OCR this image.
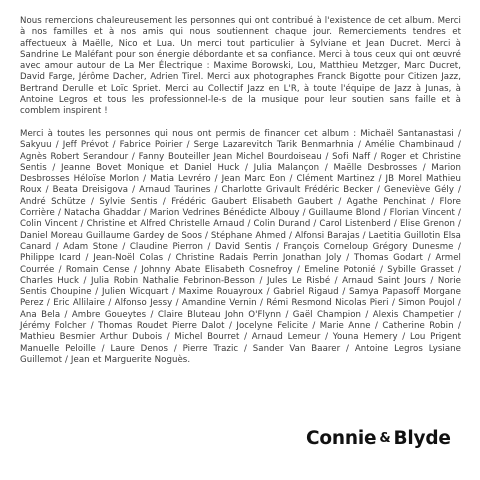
Nous remercions chaleureusement les personnes qui ont contribué à l'existence de cet album. Merci à nos familles et à nos amis qui nous soutiennent chaque jour. Remerciements tendres et affectueux à Maëlle, Nico et Lua. Un merci tout particulier à Sylviane et Jean Ducret. Merci à Sandrine Le Maléfant pour son énergie débordante et sa confiance. Merci à tous ceux qui ont œuvré avec amour autour de La Mer Électrique : Maxime Borowski, Lou, Matthieu Metzger, Marc Ducret, David Farge, Jérôme Dacher, Adrien Tirel. Merci aux photographes Franck Bigotte pour Citizen Jazz, Bertrand Derulle et Loïc Spriet. Merci au Collectif Jazz en L'R, à toute l'équipe de Jazz à Junas, à Antoine Legros et tous les professionnel-le-s de la musique pour leur soutien sans faille et à comblem inspirent !

Merci à toutes les personnes qui nous ont permis de financer cet album : Michaël Santanastasi / Sakyuu / Jeff Prévot / Fabrice Poirier / Serge Lazarevitch Tarik Benmarhnia / Amélie Chambinaud / Agnès Robert Serandour / Fanny Bouteiller Jean Michel Bourdoiseau / Sofi Naff / Roger et Christine Sentis / Jeanne Bovet Monique et Daniel Huck / Julia Malançon / Maëlle Desbrosses / Marion Desbrosses Héloïse Morlon / Matia Levréro / Jean Marc Eon / Clément Martinez / JB Morel Mathieu Roux / Beata Dreisigova / Arnaud Taurines / Charlotte Grivault Frédéric Becker / Geneviève Gély / André Schütze / Sylvie Sentis / Frédéric Gaubert Elisabeth Gaubert / Agathe Penchinat / Flore Corrière / Natacha Ghaddar / Marion Vedrines Bénédicte Albouy / Guillaume Blond / Florian Vincent / Colin Vincent / Christine et Alfred Christelle Arnaud / Colin Durand / Carol Listenberd / Elise Grenon / Daniel Moreau Guillaume Gardey de Soos / Stéphane Ahmed / Alfonsi Barajas / Laetitia Guillotin Elsa Canard / Adam Stone / Claudine Pierron / David Sentis / François Corneloup Grégory Dunesme / Philippe Icard / Jean-Noël Colas / Christine Radais Perrin Jonathan Joly / Thomas Godart / Armel Courrée / Romain Cense / Johnny Abate Elisabeth Cosnefroy / Emeline Potonié / Sybille Grasset / Charles Huck / Julia Robin Nathalie Febrinon-Besson / Jules Le Risbé / Arnaud Saint Jours / Norie Sentis Choupine / Julien Wicquart / Maxime Rouayroux / Gabriel Rigaud / Samya Papasoff Morgane Perez / Eric Allilaire / Alfonso Jessy / Amandine Vernin / Rémi Resmond Nicolas Pieri / Simon Poujol / Ana Bela / Ambre Goueytes / Claire Bluteau John O'Flynn / Gaël Champion / Alexis Champetier / Jérémy Folcher / Thomas Roudet Pierre Dalot / Jocelyne Felicite / Marie Anne / Catherine Robin / Mathieu Besmier Arthur Dubois / Michel Bourret / Arnaud Lemeur / Youna Hemery / Lou Prigent Manuelle Peloille / Laure Denos / Pierre Trazic / Sander Van Baarer / Antoine Legros Lysiane Guillemot / Jean et Marguerite Noguès.

Connie & Blyde
